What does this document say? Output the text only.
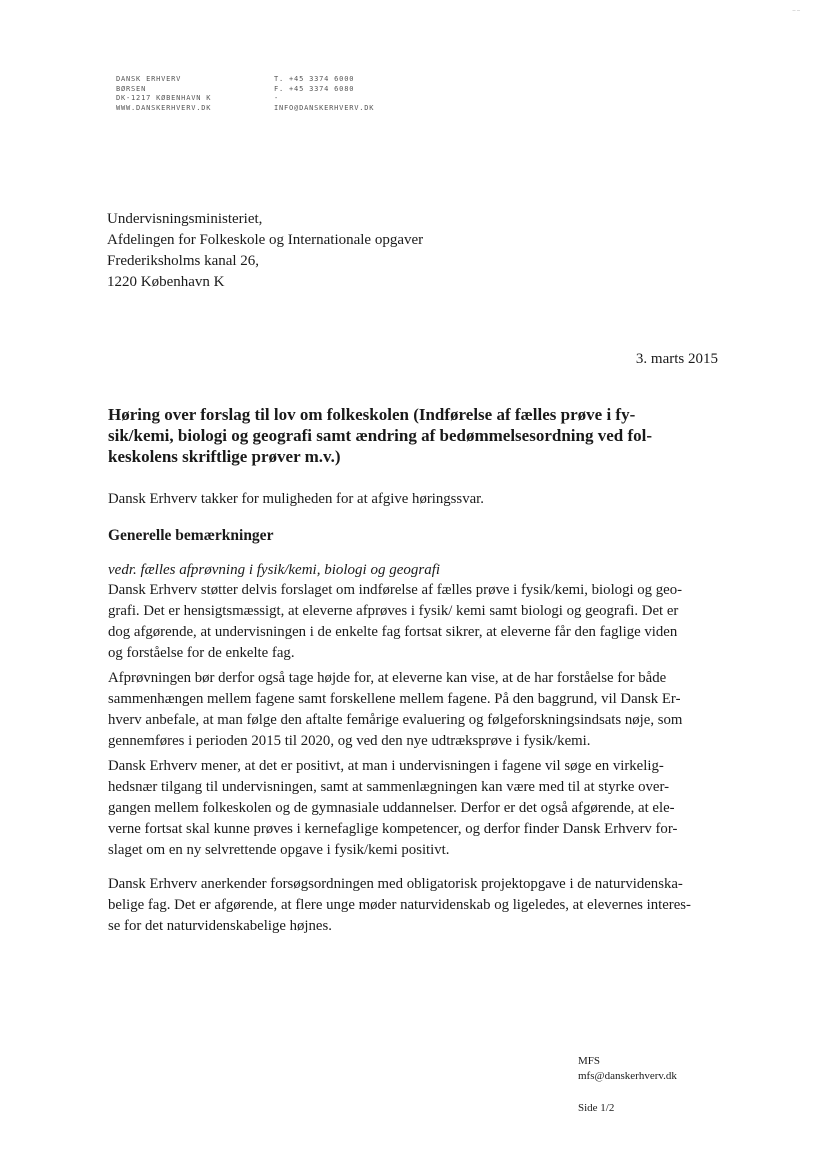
– –
DANSK ERHVERV
BØRSEN
DK-1217 KØBENHAVN K
WWW.DANSKERHVERV.DK
T. +45 3374 6000
F. +45 3374 6080
-
INFO@DANSKERHVERV.DK
Undervisningsministeriet,
Afdelingen for Folkeskole og Internationale opgaver
Frederiksholms kanal 26,
1220 København K
3. marts 2015
Høring over forslag til lov om folkeskolen (Indførelse af fælles prøve i fy-
sik/kemi, biologi og geografi samt ændring af bedømmelsesordning ved fol-
keskolens skriftlige prøver m.v.)
Dansk Erhverv takker for muligheden for at afgive høringssvar.
Generelle bemærkninger
vedr. fælles afprøvning i fysik/kemi, biologi og geografi
Dansk Erhverv støtter delvis forslaget om indførelse af fælles prøve i fysik/kemi, biologi og geo-
grafi. Det er hensigtsmæssigt, at eleverne afprøves i fysik/ kemi samt biologi og geografi. Det er
dog afgørende, at undervisningen i de enkelte fag fortsat sikrer, at eleverne får den faglige viden
og forståelse for de enkelte fag.
Afprøvningen bør derfor også tage højde for, at eleverne kan vise, at de har forståelse for både
sammenhængen mellem fagene samt forskellene mellem fagene. På den baggrund, vil Dansk Er-
hverv anbefale, at man følge den aftalte femårige evaluering og følgeforskningsindsats nøje, som
gennemføres i perioden 2015 til 2020, og ved den nye udtræksprøve i fysik/kemi.
Dansk Erhverv mener, at det er positivt, at man i undervisningen i fagene vil søge en virkelig-
hedsnær tilgang til undervisningen, samt at sammenlægningen kan være med til at styrke over-
gangen mellem folkeskolen og de gymnasiale uddannelser. Derfor er det også afgørende, at ele-
verne fortsat skal kunne prøves i kernefaglige kompetencer, og derfor finder Dansk Erhverv for-
slaget om en ny selvrettende opgave i fysik/kemi positivt.
Dansk Erhverv anerkender forsøgsordningen med obligatorisk projektopgave i de naturvidenska-
belige fag. Det er afgørende, at flere unge møder naturvidenskab og ligeledes, at elevernes interes-
se for det naturvidenskabelige højnes.
MFS
mfs@danskerhverv.dk
Side 1/2
